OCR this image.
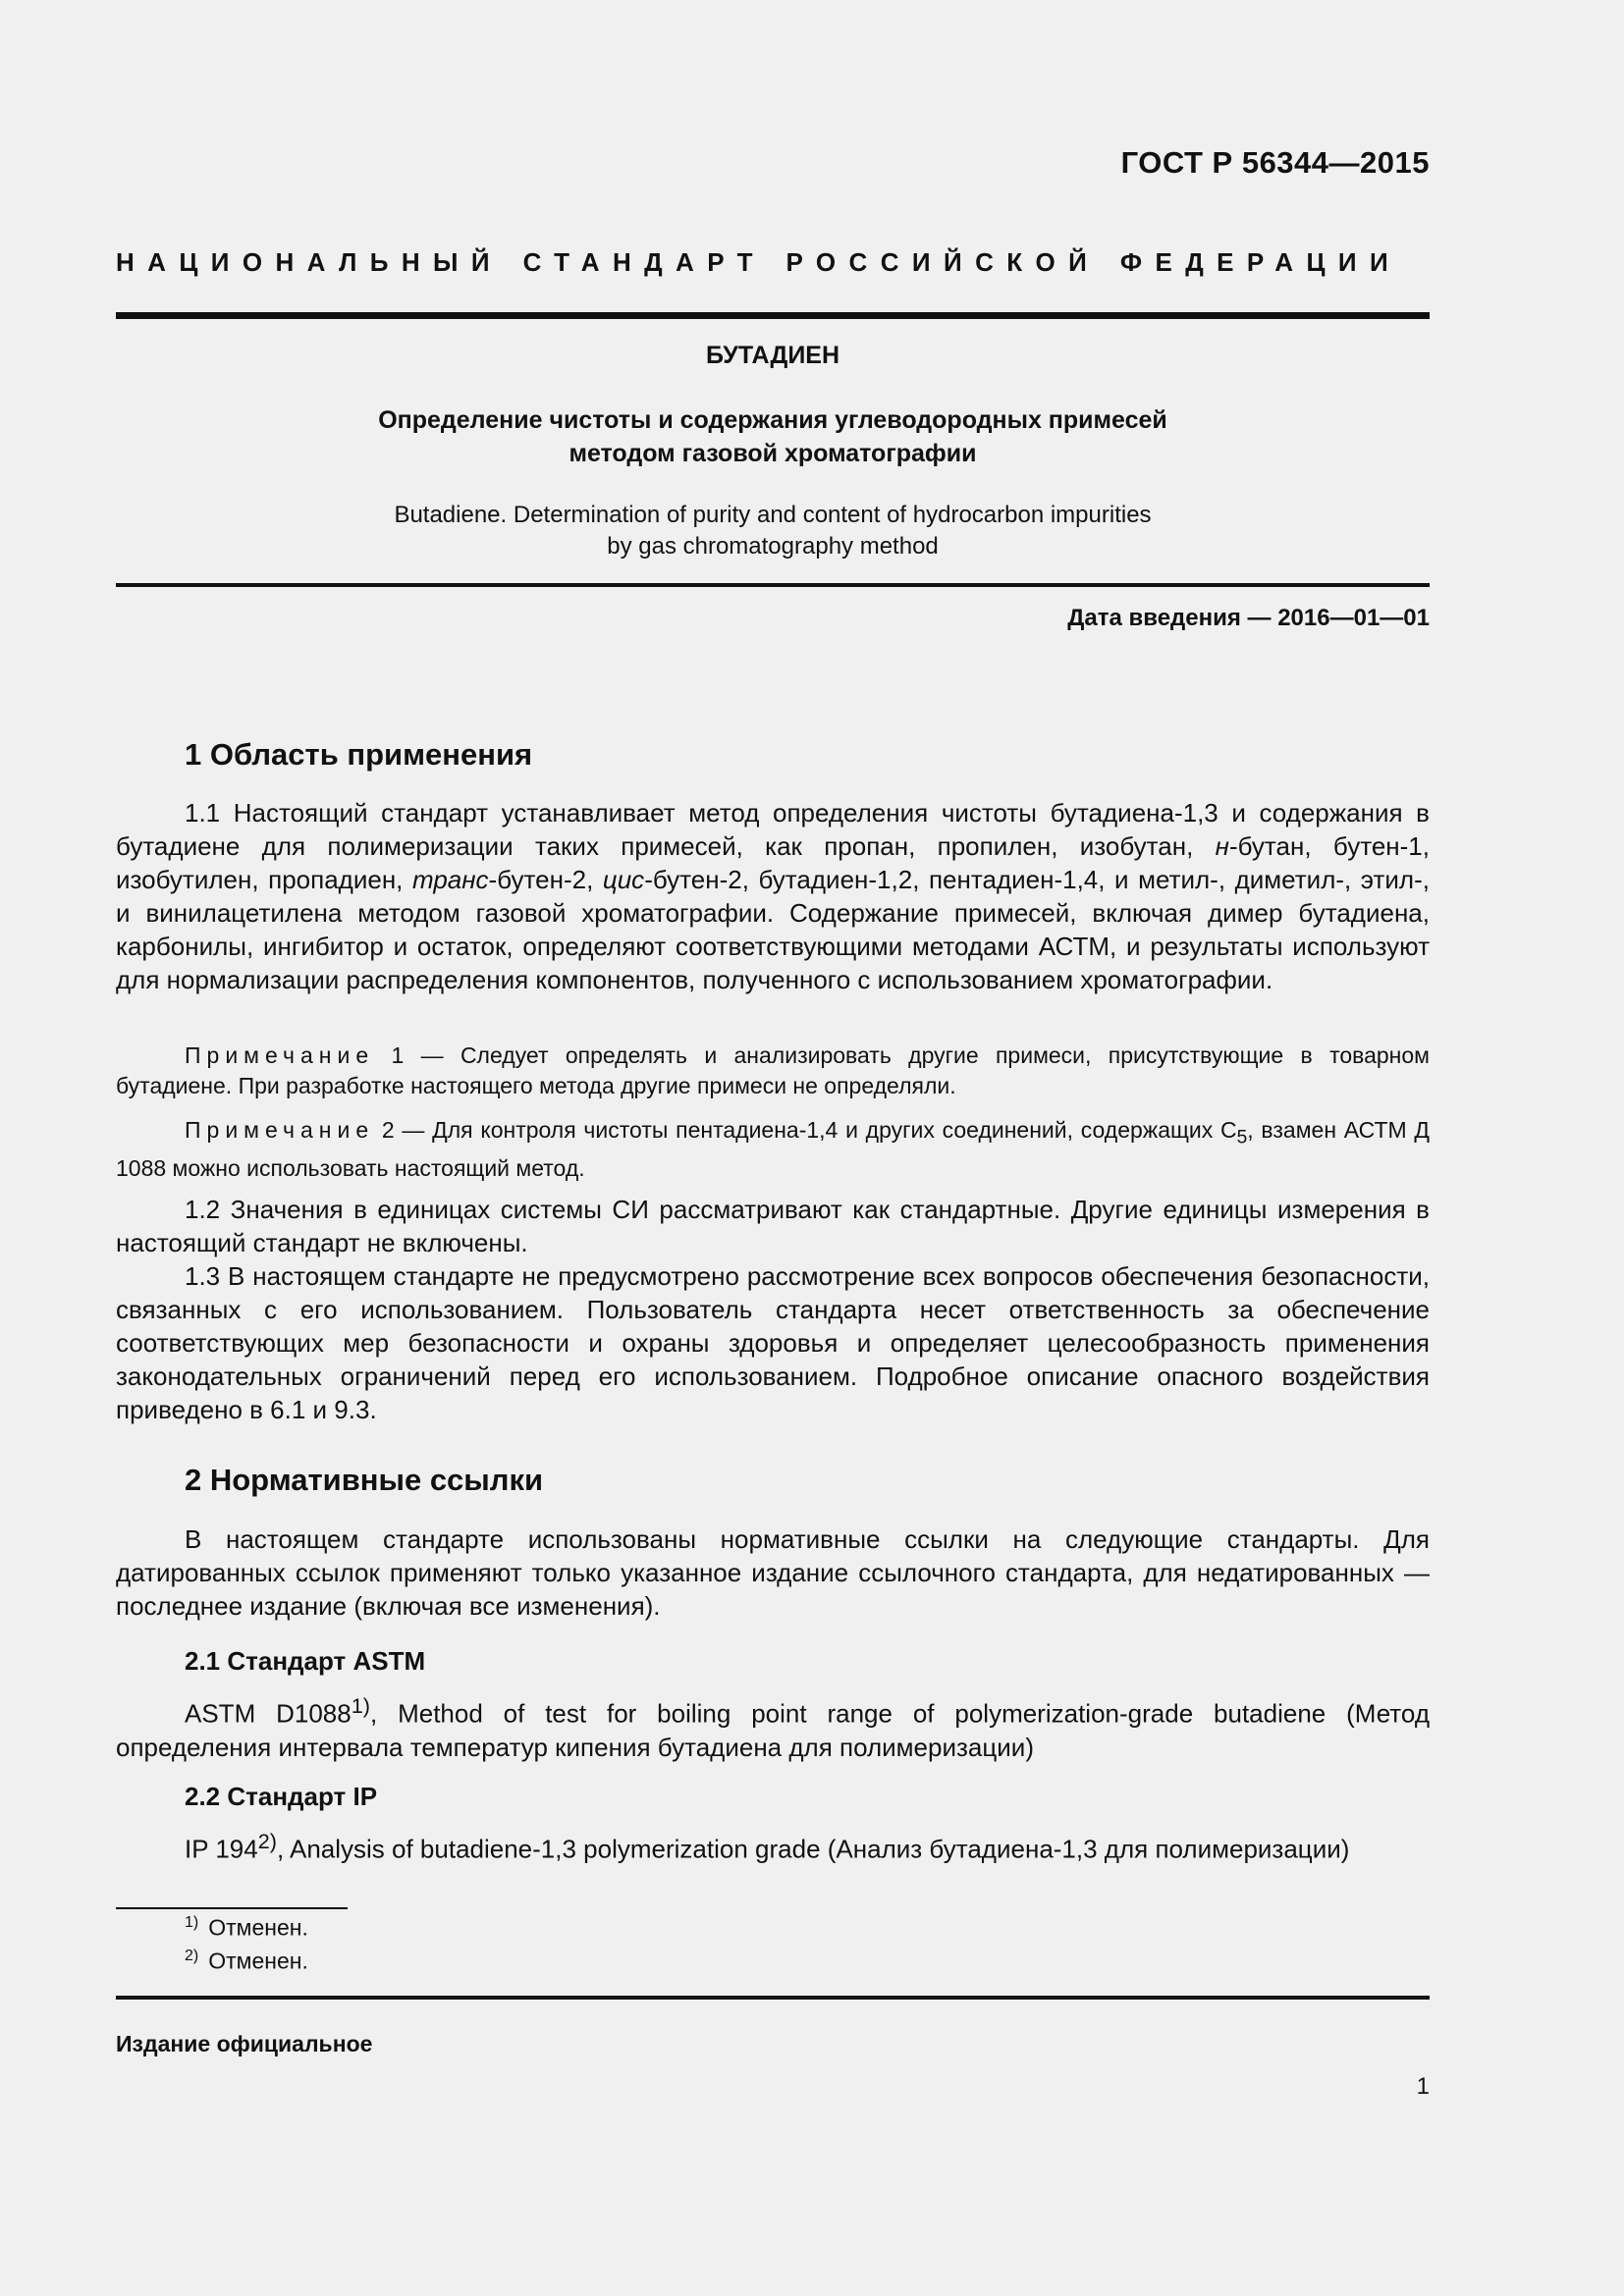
ГОСТ Р 56344—2015
НАЦИОНАЛЬНЫЙ СТАНДАРТ РОССИЙСКОЙ ФЕДЕРАЦИИ
БУТАДИЕН
Определение чистоты и содержания углеводородных примесей
методом газовой хроматографии
Butadiene. Determination of purity and content of hydrocarbon impurities
by gas chromatography method
Дата введения — 2016—01—01
1 Область применения

1.1 Настоящий стандарт устанавливает метод определения чистоты бутадиена-1,3 и содержания в бутадиене для полимеризации таких примесей, как пропан, пропилен, изобутан, н-бутан, бутен-1, изобутилен, пропадиен, транс-бутен-2, цис-бутен-2, бутадиен-1,2, пентадиен-1,4, и метил-, диметил-, этил-, и винилацетилена методом газовой хроматографии. Содержание примесей, включая димер бутадиена, карбонилы, ингибитор и остаток, определяют соответствующими методами АСТМ, и результаты используют для нормализации распределения компонентов, полученного с использованием хроматографии.

Примечание 1 — Следует определять и анализировать другие примеси, присутствующие в товарном бутадиене. При разработке настоящего метода другие примеси не определяли.

Примечание 2 — Для контроля чистоты пентадиена-1,4 и других соединений, содержащих $С_5$, взамен АСТМ Д 1088 можно использовать настоящий метод.

1.2 Значения в единицах системы СИ рассматривают как стандартные. Другие единицы измерения в настоящий стандарт не включены.

1.3 В настоящем стандарте не предусмотрено рассмотрение всех вопросов обеспечения безопасности, связанных с его использованием. Пользователь стандарта несет ответственность за обеспечение соответствующих мер безопасности и охраны здоровья и определяет целесообразность применения законодательных ограничений перед его использованием. Подробное описание опасного воздействия приведено в 6.1 и 9.3.

2 Нормативные ссылки

В настоящем стандарте использованы нормативные ссылки на следующие стандарты. Для датированных ссылок применяют только указанное издание ссылочного стандарта, для недатированных — последнее издание (включая все изменения).

2.1 Стандарт ASTM

ASTM D1088$^{1)}$, Method of test for boiling point range of polymerization-grade butadiene (Метод определения интервала температур кипения бутадиена для полимеризации)

2.2 Стандарт IP

IP 194$^{2)}$, Analysis of butadiene-1,3 polymerization grade (Анализ бутадиена-1,3 для полимеризации)

$^{1)}$ Отменен.
$^{2)}$ Отменен.
Издание официальное
1
